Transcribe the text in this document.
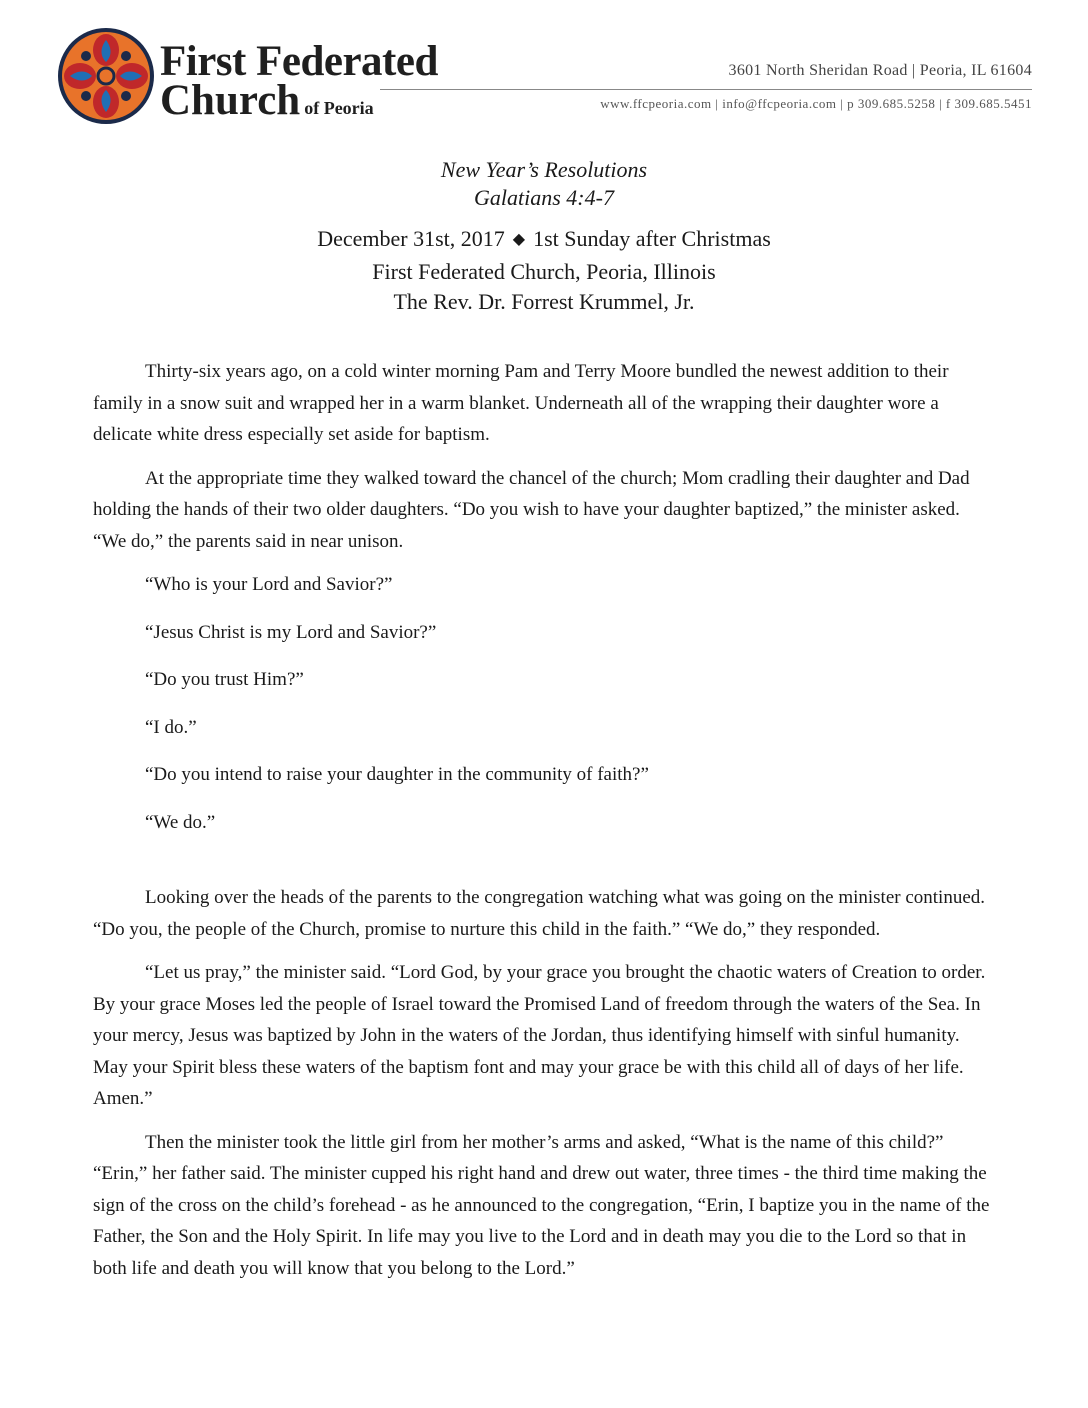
First Federated
Church of Peoria
3601 North Sheridan Road | Peoria, IL 61604
www.ffcpeoria.com | info@ffcpeoria.com | p 309.685.5258 | f 309.685.5451
New Year’s Resolutions
Galatians 4:4-7
December 31st, 2017 ◆ 1st Sunday after Christmas
First Federated Church, Peoria, Illinois
The Rev. Dr. Forrest Krummel, Jr.

Thirty-six years ago, on a cold winter morning Pam and Terry Moore bundled the newest addition to their family in a snow suit and wrapped her in a warm blanket. Underneath all of the wrapping their daughter wore a delicate white dress especially set aside for baptism.

At the appropriate time they walked toward the chancel of the church; Mom cradling their daughter and Dad holding the hands of their two older daughters. “Do you wish to have your daughter baptized,” the minister asked. “We do,” the parents said in near unison.

“Who is your Lord and Savior?”

“Jesus Christ is my Lord and Savior?”

“Do you trust Him?”

“I do.”

“Do you intend to raise your daughter in the community of faith?”

“We do.”

Looking over the heads of the parents to the congregation watching what was going on the minister continued. “Do you, the people of the Church, promise to nurture this child in the faith.” “We do,” they responded.

“Let us pray,” the minister said. “Lord God, by your grace you brought the chaotic waters of Creation to order. By your grace Moses led the people of Israel toward the Promised Land of freedom through the waters of the Sea. In your mercy, Jesus was baptized by John in the waters of the Jordan, thus identifying himself with sinful humanity. May your Spirit bless these waters of the baptism font and may your grace be with this child all of days of her life. Amen.”

Then the minister took the little girl from her mother’s arms and asked, “What is the name of this child?” “Erin,” her father said. The minister cupped his right hand and drew out water, three times - the third time making the sign of the cross on the child’s forehead - as he announced to the congregation, “Erin, I baptize you in the name of the Father, the Son and the Holy Spirit. In life may you live to the Lord and in death may you die to the Lord so that in both life and death you will know that you belong to the Lord.”
